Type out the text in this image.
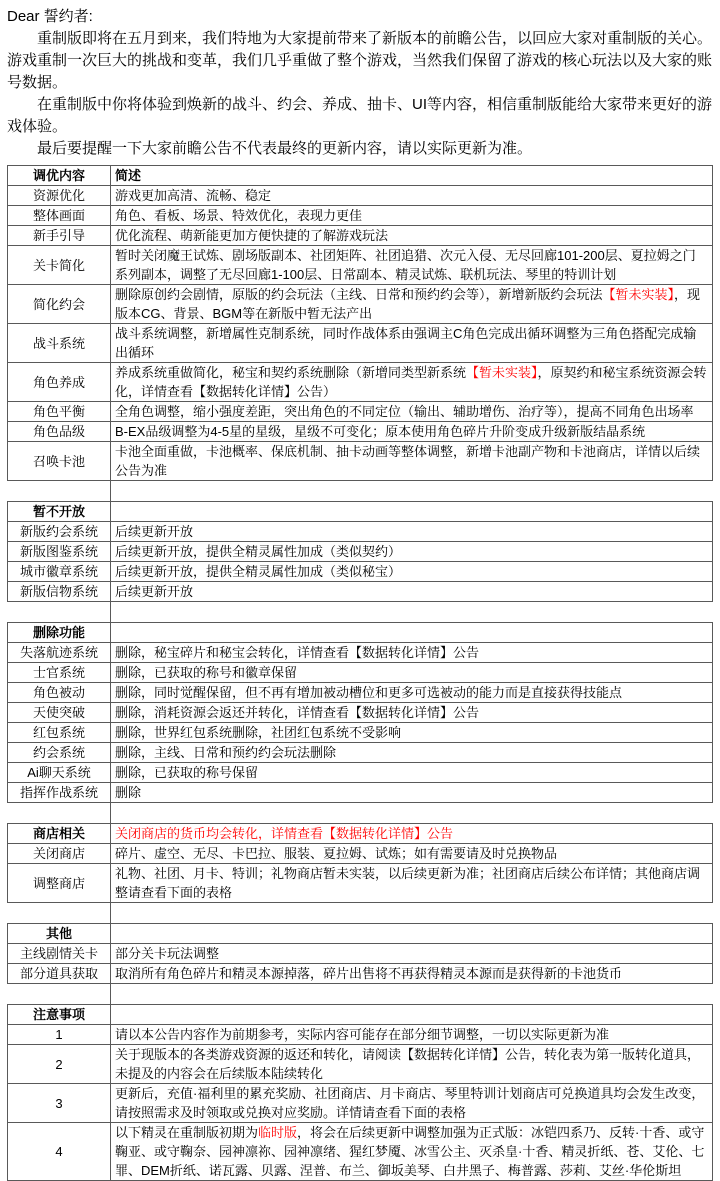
Dear 誓约者:

重制版即将在五月到来，我们特地为大家提前带来了新版本的前瞻公告，以回应大家对重制版的关心。游戏重制一次巨大的挑战和变革，我们几乎重做了整个游戏，当然我们保留了游戏的核心玩法以及大家的账号数据。

在重制版中你将体验到焕新的战斗、约会、养成、抽卡、UI等内容，相信重制版能给大家带来更好的游戏体验。

最后要提醒一下大家前瞻公告不代表最终的更新内容，请以实际更新为准。

调优内容	简述
资源优化	游戏更加高清、流畅、稳定
整体画面	角色、看板、场景、特效优化，表现力更佳
新手引导	优化流程、萌新能更加方便快捷的了解游戏玩法
关卡简化	暂时关闭魔王试炼、剧场版副本、社团矩阵、社团追猎、次元入侵、无尽回廊101-200层、夏拉姆之门系列副本，调整了无尽回廊1-100层、日常副本、精灵试炼、联机玩法、琴里的特训计划
简化约会	删除原创约会剧情，原版的约会玩法（主线、日常和预约约会等），新增新版约会玩法【暂未实装】，现版本CG、背景、BGM等在新版中暂无法产出
战斗系统	战斗系统调整，新增属性克制系统，同时作战体系由强调主C角色完成出循环调整为三角色搭配完成输出循环
角色养成	养成系统重做简化，秘宝和契约系统删除（新增同类型新系统【暂未实装】，原契约和秘宝系统资源会转化，详情查看【数据转化详情】公告）
角色平衡	全角色调整，缩小强度差距，突出角色的不同定位（输出、辅助增伤、治疗等），提高不同角色出场率
角色品级	B-EX品级调整为4-5星的星级，星级不可变化；原本使用角色碎片升阶变成升级新版结晶系统
召唤卡池	卡池全面重做，卡池概率、保底机制、抽卡动画等整体调整，新增卡池副产物和卡池商店，详情以后续公告为准
暂不开放	
新版约会系统	后续更新开放
新版图鉴系统	后续更新开放，提供全精灵属性加成（类似契约）
城市徽章系统	后续更新开放，提供全精灵属性加成（类似秘宝）
新版信物系统	后续更新开放
删除功能	
失落航迹系统	删除，秘宝碎片和秘宝会转化，详情查看【数据转化详情】公告
士官系统	删除，已获取的称号和徽章保留
角色被动	删除，同时觉醒保留，但不再有增加被动槽位和更多可选被动的能力而是直接获得技能点
天使突破	删除，消耗资源会返还并转化，详情查看【数据转化详情】公告
红包系统	删除，世界红包系统删除，社团红包系统不受影响
约会系统	删除，主线、日常和预约约会玩法删除
Ai聊天系统	删除，已获取的称号保留
指挥作战系统	删除
商店相关	关闭商店的货币均会转化，详情查看【数据转化详情】公告
关闭商店	碎片、虚空、无尽、卡巴拉、服装、夏拉姆、试炼；如有需要请及时兑换物品
调整商店	礼物、社团、月卡、特训；礼物商店暂未实装，以后续更新为准；社团商店后续公布详情；其他商店调整请查看下面的表格
其他	
主线剧情关卡	部分关卡玩法调整
部分道具获取	取消所有角色碎片和精灵本源掉落，碎片出售将不再获得精灵本源而是获得新的卡池货币
注意事项	
1	请以本公告内容作为前期参考，实际内容可能存在部分细节调整，一切以实际更新为准
2	关于现版本的各类游戏资源的返还和转化，请阅读【数据转化详情】公告，转化表为第一版转化道具，未提及的内容会在后续版本陆续转化
3	更新后，充值·福利里的累充奖励、社团商店、月卡商店、琴里特训计划商店可兑换道具均会发生改变，请按照需求及时领取或兑换对应奖励。详情请查看下面的表格
4	以下精灵在重制版初期为临时版，将会在后续更新中调整加强为正式版：冰铠四系乃、反转·十香、或守鞠亚、或守鞠奈、园神凛祢、园神凛绪、猩红梦魇、冰雪公主、灭杀皇·十香、精灵折纸、苍、艾伦、七罪、DEM折纸、诺瓦露、贝露、涅普、布兰、御坂美琴、白井黑子、梅普露、莎莉、艾丝·华伦斯坦
